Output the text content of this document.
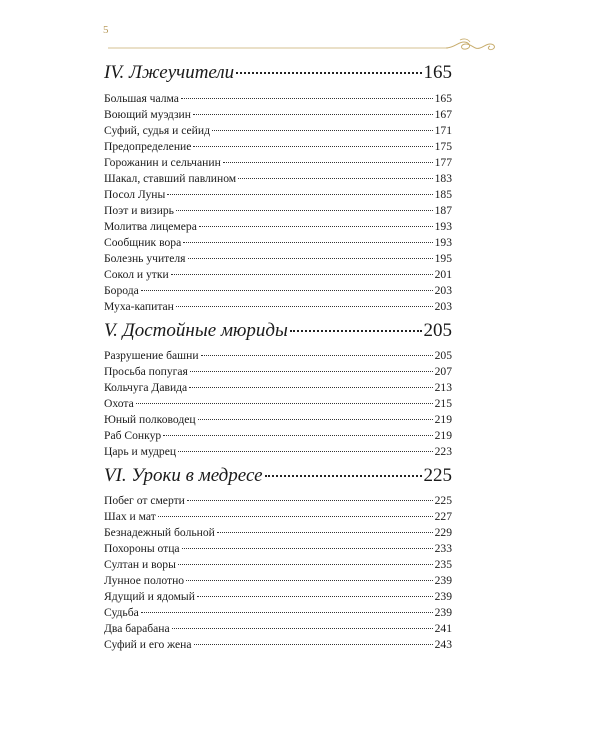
5
IV. Лжеучители	165
Большая чалма	165
Воющий муэдзин	167
Суфий, судья и сейид	171
Предопределение	175
Горожанин и сельчанин	177
Шакал, ставший павлином	183
Посол Луны	185
Поэт и визирь	187
Молитва лицемера	193
Сообщник вора	193
Болезнь учителя	195
Сокол и утки	201
Борода	203
Муха-капитан	203
V. Достойные мюриды	205
Разрушение башни	205
Просьба попугая	207
Кольчуга Давида	213
Охота	215
Юный полководец	219
Раб Сонкур	219
Царь и мудрец	223
VI. Уроки в медресе	225
Побег от смерти	225
Шах и мат	227
Безнадежный больной	229
Похороны отца	233
Султан и воры	235
Лунное полотно	239
Ядущий и ядомый	239
Судьба	239
Два барабана	241
Суфий и его жена	243
